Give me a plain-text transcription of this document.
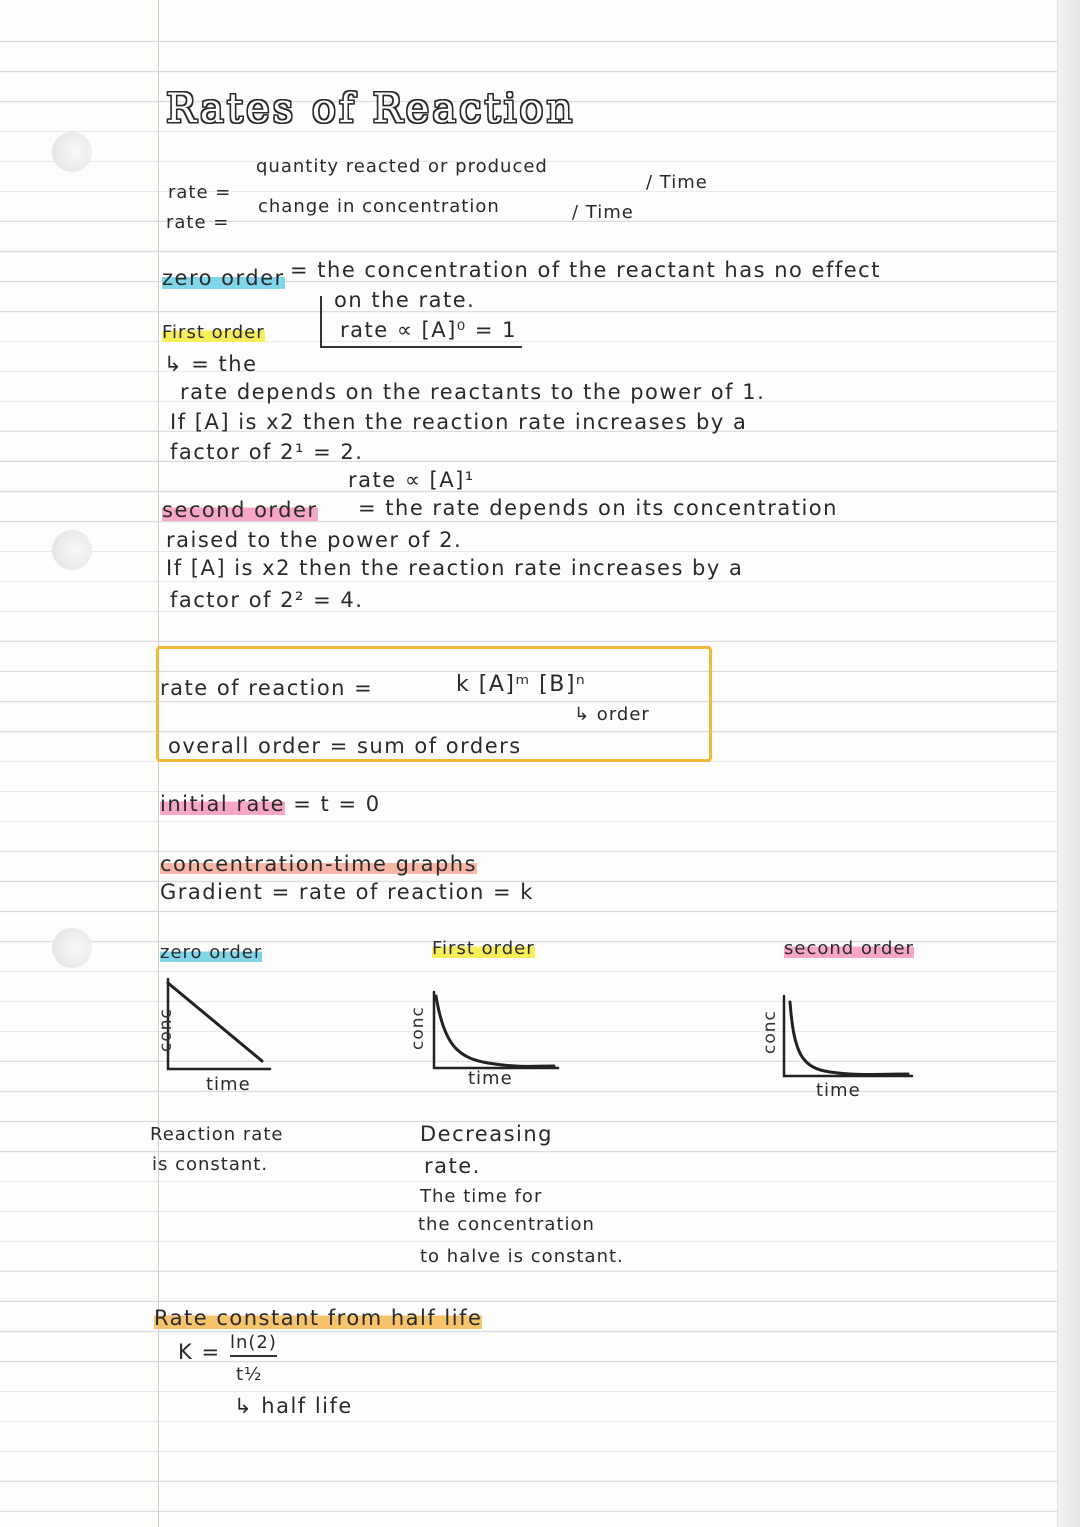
Rates of Reaction
quantity reacted or produced
rate =	/ Time
rate =
change in concentration	/ Time
zero order = the concentration of the reactant has no effect
on the rate.
rate ∝ [A]⁰ = 1
First order
↳ = the
rate depends on the reactants to the power of 1.
If [A] is x2 then the reaction rate increases by a
factor of 2¹ = 2.
rate ∝ [A]¹
second order = the rate depends on its concentration
raised to the power of 2.
If [A] is x2 then the reaction rate increases by a
factor of 2² = 4.
rate of reaction =	k [A]ᵐ [B]ⁿ
↳ order
overall order = sum of orders
initial rate = t = 0
concentration-time graphs
Gradient = rate of reaction = k
zero order	First order	second order
conc
time
conc
time
conc
time
Reaction rate
is constant.
Decreasing
rate.
The time for
the concentration
to halve is constant.
Rate constant from half life
K = ln(2)
t½
↳ half life
